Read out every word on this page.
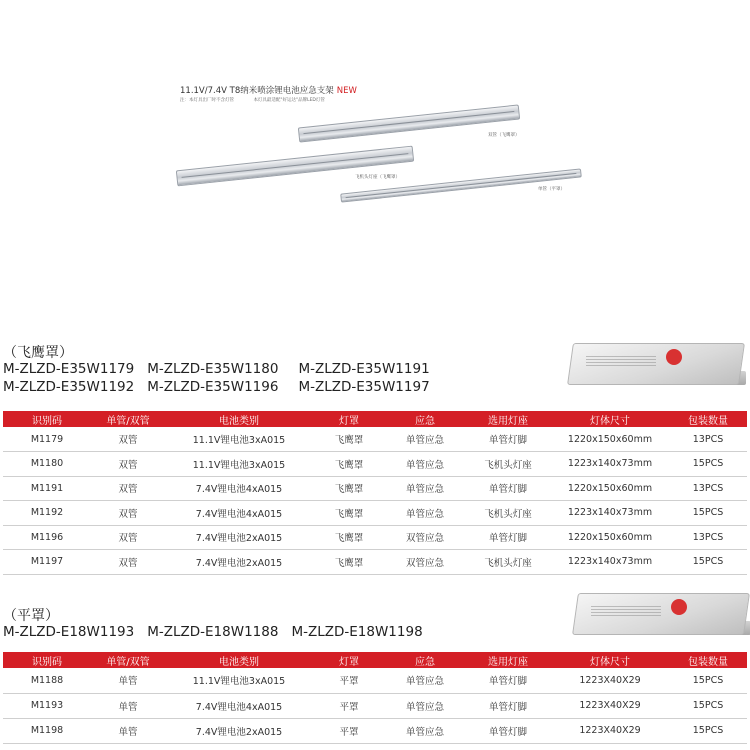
11.1V/7.4V T8纳米喷涂锂电池应急支架 NEW
注：本灯具出厂时不含灯管	本灯具最适配"好运达"品牌LED灯管
双管（飞鹰罩）
飞机头灯座（飞鹰罩）
单管（平罩）
（飞鹰罩）
M-ZLZD-E35W1179 M-ZLZD-E35W1180 M-ZLZD-E35W1191
M-ZLZD-E35W1192 M-ZLZD-E35W1196 M-ZLZD-E35W1197
识别码	单管/双管	电池类别	灯罩	应急	选用灯座	灯体尺寸	包装数量
M1179	双管	11.1V锂电池3xA015	飞鹰罩	单管应急	单管灯脚	1220x150x60mm	13PCS
M1180	双管	11.1V锂电池3xA015	飞鹰罩	单管应急	飞机头灯座	1223x140x73mm	15PCS
M1191	双管	7.4V锂电池4xA015	飞鹰罩	单管应急	单管灯脚	1220x150x60mm	13PCS
M1192	双管	7.4V锂电池4xA015	飞鹰罩	单管应急	飞机头灯座	1223x140x73mm	15PCS
M1196	双管	7.4V锂电池2xA015	飞鹰罩	双管应急	单管灯脚	1220x150x60mm	13PCS
M1197	双管	7.4V锂电池2xA015	飞鹰罩	双管应急	飞机头灯座	1223x140x73mm	15PCS
（平罩）
M-ZLZD-E18W1193 M-ZLZD-E18W1188 M-ZLZD-E18W1198
识别码	单管/双管	电池类别	灯罩	应急	选用灯座	灯体尺寸	包装数量
M1188	单管	11.1V锂电池3xA015	平罩	单管应急	单管灯脚	1223X40X29	15PCS
M1193	单管	7.4V锂电池4xA015	平罩	单管应急	单管灯脚	1223X40X29	15PCS
M1198	单管	7.4V锂电池2xA015	平罩	单管应急	单管灯脚	1223X40X29	15PCS
